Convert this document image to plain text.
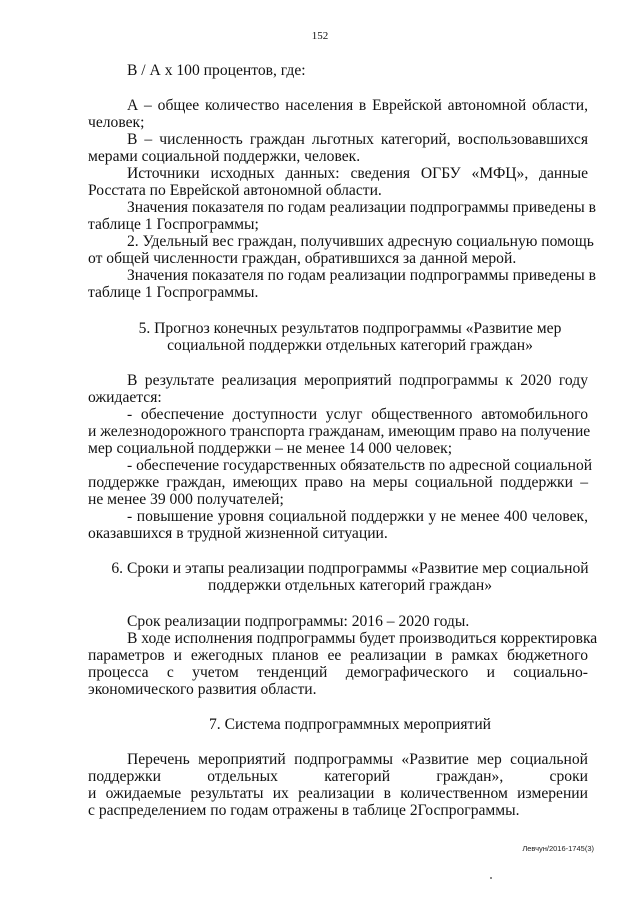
152
В / А x 100 процентов, где:
А – общее количество населения в Еврейской автономной области,
человек;
В – численность граждан льготных категорий, воспользовавшихся
мерами социальной поддержки, человек.
Источники исходных данных: сведения ОГБУ «МФЦ», данные
Росстата по Еврейской автономной области.
Значения показателя по годам реализации подпрограммы приведены в
таблице 1 Госпрограммы;
2. Удельный вес граждан, получивших адресную социальную помощь
от общей численности граждан, обратившихся за данной мерой.
Значения показателя по годам реализации подпрограммы приведены в
таблице 1 Госпрограммы.
5. Прогноз конечных результатов подпрограммы «Развитие мер
социальной поддержки отдельных категорий граждан»
В результате реализация мероприятий подпрограммы к 2020 году
ожидается:
- обеспечение доступности услуг общественного автомобильного
и железнодорожного транспорта гражданам, имеющим право на получение
мер социальной поддержки – не менее 14 000 человек;
- обеспечение государственных обязательств по адресной социальной
поддержке граждан, имеющих право на меры социальной поддержки –
не менее 39 000 получателей;
- повышение уровня социальной поддержки у не менее 400 человек,
оказавшихся в трудной жизненной ситуации.
6. Сроки и этапы реализации подпрограммы «Развитие мер социальной
поддержки отдельных категорий граждан»
Срок реализации подпрограммы: 2016 – 2020 годы.
В ходе исполнения подпрограммы будет производиться корректировка
параметров и ежегодных планов ее реализации в рамках бюджетного
процесса с учетом тенденций демографического и социально-
экономического развития области.
7. Система подпрограммных мероприятий
Перечень мероприятий подпрограммы «Развитие мер социальной
поддержки отдельных категорий граждан», сроки
и ожидаемые результаты их реализации в количественном измерении
с распределением по годам отражены в таблице 2Госпрограммы.
Левчун/2016-1745(3)
